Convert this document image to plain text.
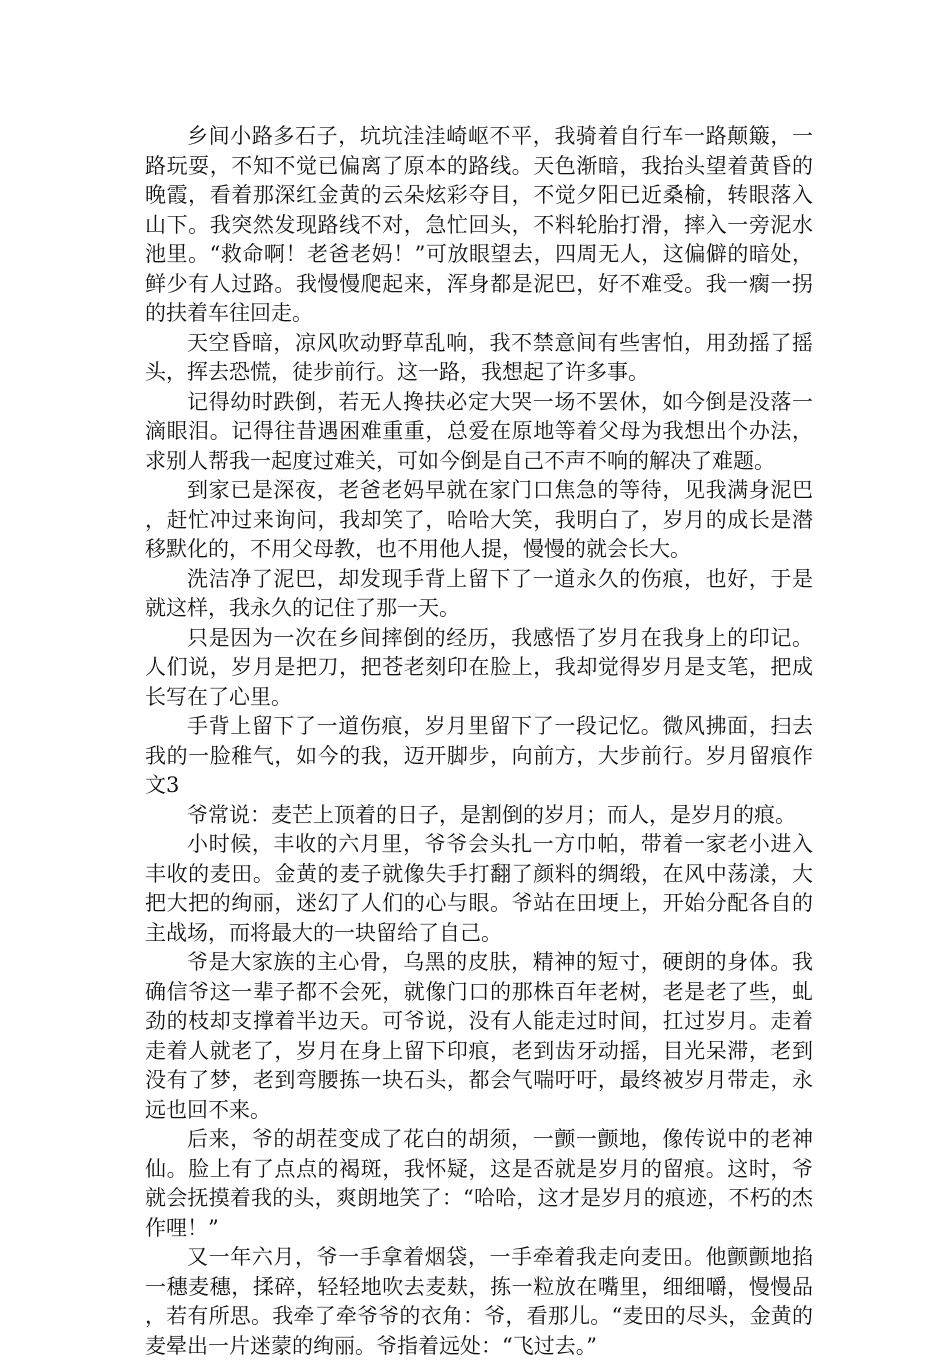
乡间小路多石子，坑坑洼洼崎岖不平，我骑着自行车一路颠簸，一路玩耍，不知不觉已偏离了原本的路线。天色渐暗，我抬头望着黄昏的晚霞，看着那深红金黄的云朵炫彩夺目，不觉夕阳已近桑榆，转眼落入山下。我突然发现路线不对，急忙回头，不料轮胎打滑，摔入一旁泥水池里。“救命啊！老爸老妈！”可放眼望去，四周无人，这偏僻的暗处，鲜少有人过路。我慢慢爬起来，浑身都是泥巴，好不难受。我一瘸一拐的扶着车往回走。

天空昏暗，凉风吹动野草乱响，我不禁意间有些害怕，用劲摇了摇头，挥去恐慌，徒步前行。这一路，我想起了许多事。

记得幼时跌倒，若无人搀扶必定大哭一场不罢休，如今倒是没落一滴眼泪。记得往昔遇困难重重，总爱在原地等着父母为我想出个办法，求别人帮我一起度过难关，可如今倒是自己不声不响的解决了难题。

到家已是深夜，老爸老妈早就在家门口焦急的等待，见我满身泥巴，赶忙冲过来询问，我却笑了，哈哈大笑，我明白了，岁月的成长是潜移默化的，不用父母教，也不用他人提，慢慢的就会长大。

洗洁净了泥巴，却发现手背上留下了一道永久的伤痕，也好，于是就这样，我永久的记住了那一天。

只是因为一次在乡间摔倒的经历，我感悟了岁月在我身上的印记。人们说，岁月是把刀，把苍老刻印在脸上，我却觉得岁月是支笔，把成长写在了心里。

手背上留下了一道伤痕，岁月里留下了一段记忆。微风拂面，扫去我的一脸稚气，如今的我，迈开脚步，向前方，大步前行。岁月留痕作文3

爷常说：麦芒上顶着的日子，是割倒的岁月；而人，是岁月的痕。

小时候，丰收的六月里，爷爷会头扎一方巾帕，带着一家老小进入丰收的麦田。金黄的麦子就像失手打翻了颜料的绸缎，在风中荡漾，大把大把的绚丽，迷幻了人们的心与眼。爷站在田埂上，开始分配各自的主战场，而将最大的一块留给了自己。

爷是大家族的主心骨，乌黑的皮肤，精神的短寸，硬朗的身体。我确信爷这一辈子都不会死，就像门口的那株百年老树，老是老了些，虬劲的枝却支撑着半边天。可爷说，没有人能走过时间，扛过岁月。走着走着人就老了，岁月在身上留下印痕，老到齿牙动摇，目光呆滞，老到没有了梦，老到弯腰拣一块石头，都会气喘吁吁，最终被岁月带走，永远也回不来。

后来，爷的胡茬变成了花白的胡须，一颤一颤地，像传说中的老神仙。脸上有了点点的褐斑，我怀疑，这是否就是岁月的留痕。这时，爷就会抚摸着我的头，爽朗地笑了：“哈哈，这才是岁月的痕迹，不朽的杰作哩！”

又一年六月，爷一手拿着烟袋，一手牵着我走向麦田。他颤颤地掐一穗麦穗，揉碎，轻轻地吹去麦麸，拣一粒放在嘴里，细细嚼，慢慢品，若有所思。我牵了牵爷爷的衣角：爷，看那儿。“麦田的尽头，金黄的麦晕出一片迷蒙的绚丽。爷指着远处：“飞过去。”
